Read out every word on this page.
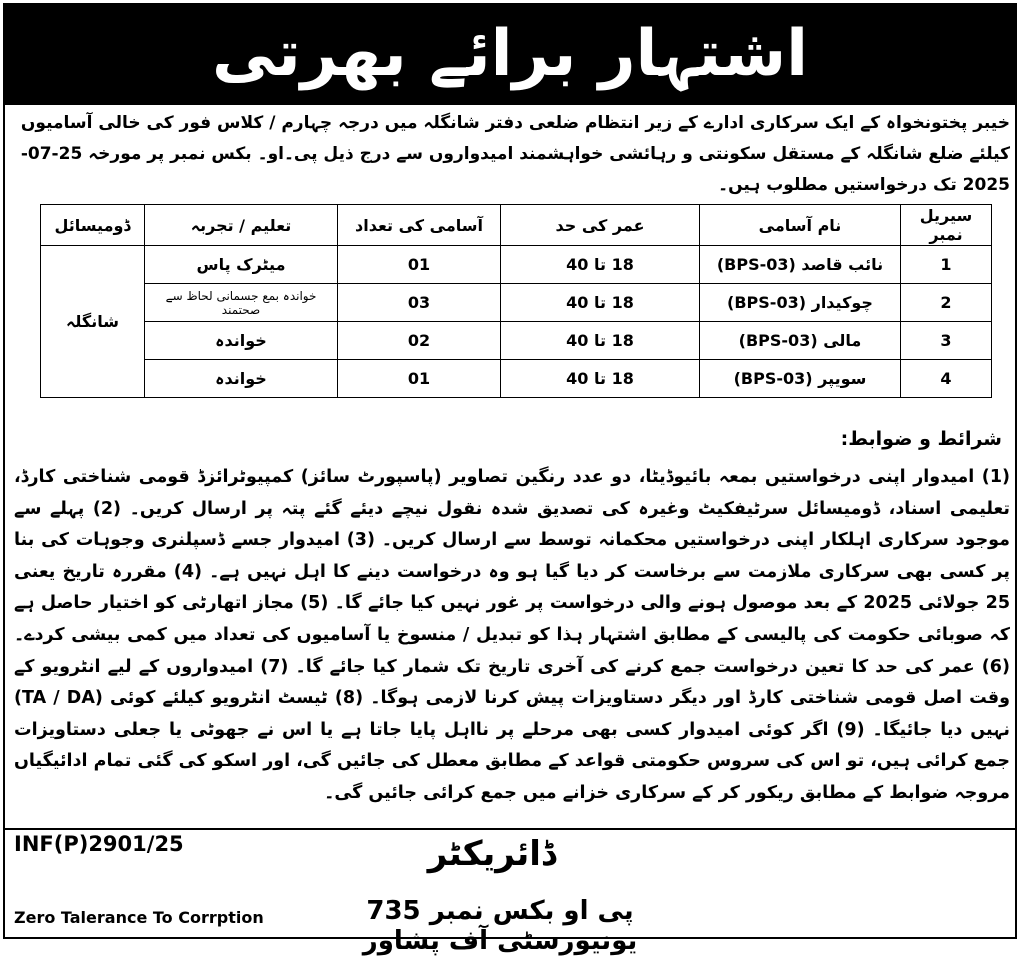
اشتہار برائے بھرتی
خیبر پختونخواہ کے ایک سرکاری ادارے کے زیر انتظام ضلعی دفتر شانگلہ میں درجہ چہارم / کلاس فور کی خالی آسامیوں کیلئے ضلع شانگلہ کے مستقل سکونتی و رہائشی خواہشمند امیدواروں سے درج ذیل پی۔او۔ بکس نمبر پر مورخہ 25-07-2025 تک درخواستیں مطلوب ہیں۔
سیریل نمبر	نام آسامی	عمر کی حد	آسامی کی تعداد	تعلیم / تجربہ	ڈومیسائل
1	نائب قاصد (BPS-03)	18 تا 40	01	میٹرک پاس	شانگلہ
2	چوکیدار (BPS-03)	18 تا 40	03	خواندہ بمع جسمانی لحاظ سے صحتمند	
3	مالی (BPS-03)	18 تا 40	02	خواندہ	
4	سویپر (BPS-03)	18 تا 40	01	خواندہ	
شرائط و ضوابط:
(1) امیدوار اپنی درخواستیں بمعہ بائیوڈیٹا، دو عدد رنگین تصاویر (پاسپورٹ سائز) کمپیوٹرائزڈ قومی شناختی کارڈ، تعلیمی اسناد، ڈومیسائل سرٹیفکیٹ وغیرہ کی تصدیق شدہ نقول نیچے دیئے گئے پتہ پر ارسال کریں۔ (2) پہلے سے موجود سرکاری اہلکار اپنی درخواستیں محکمانہ توسط سے ارسال کریں۔ (3) امیدوار جسے ڈسپلنری وجوہات کی بنا پر کسی بھی سرکاری ملازمت سے برخاست کر دیا گیا ہو وہ درخواست دینے کا اہل نہیں ہے۔ (4) مقررہ تاریخ یعنی 25 جولائی 2025 کے بعد موصول ہونے والی درخواست پر غور نہیں کیا جائے گا۔ (5) مجاز اتھارٹی کو اختیار حاصل ہے کہ صوبائی حکومت کی پالیسی کے مطابق اشتہار ہذا کو تبدیل / منسوخ یا آسامیوں کی تعداد میں کمی بیشی کردے۔ (6) عمر کی حد کا تعین درخواست جمع کرنے کی آخری تاریخ تک شمار کیا جائے گا۔ (7) امیدواروں کے لیے انٹرویو کے وقت اصل قومی شناختی کارڈ اور دیگر دستاویزات پیش کرنا لازمی ہوگا۔ (8) ٹیسٹ انٹرویو کیلئے کوئی (TA / DA) نہیں دیا جائیگا۔ (9) اگر کوئی امیدوار کسی بھی مرحلے پر نااہل پایا جاتا ہے یا اس نے جھوٹی یا جعلی دستاویزات جمع کرائی ہیں، تو اس کی سروس حکومتی قواعد کے مطابق معطل کی جائیں گی، اور اسکو کی گئی تمام ادائیگیاں مروجہ ضوابط کے مطابق ریکور کر کے سرکاری خزانے میں جمع کرائی جائیں گی۔
INF(P)2901/25
Zero Talerance To Corrption
ڈائریکٹر
پی او بکس نمبر 735 یونیورسٹی آف پشاور
